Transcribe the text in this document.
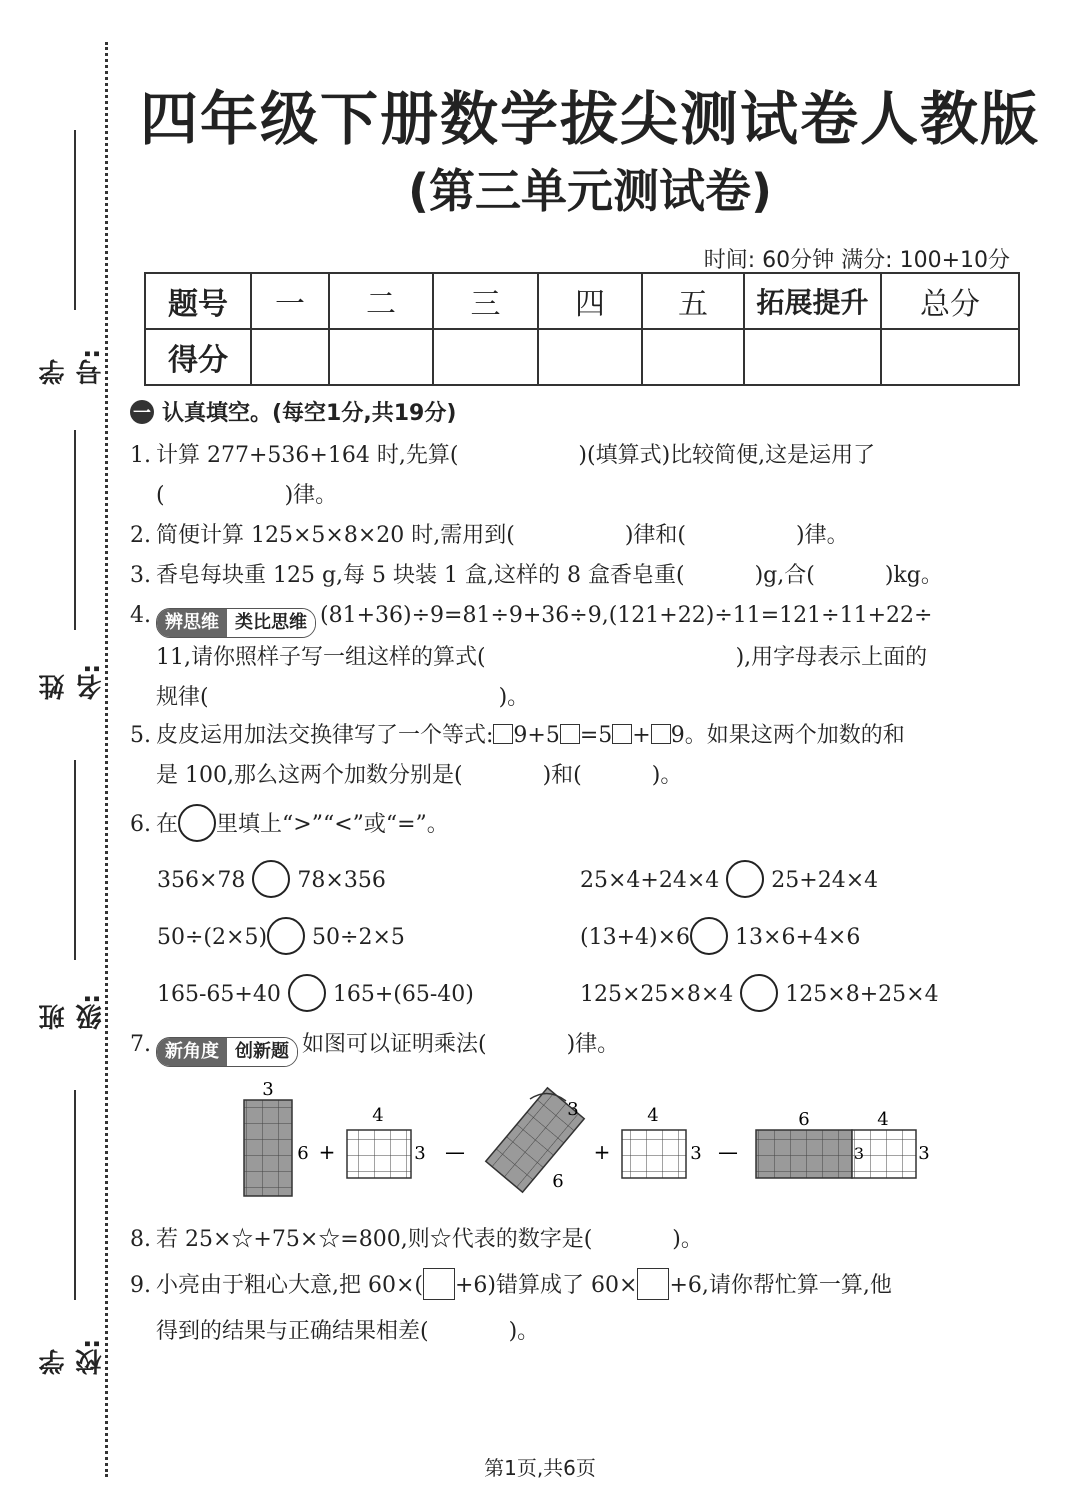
学号:
姓名:
班级:
学校:
四年级下册数学拔尖测试卷人教版
(第三单元测试卷)
时间: 60分钟 满分: 100+10分
题号	一	二	三	四	五	拓展提升	总分
得分							
一 认真填空。(每空1分,共19分)
1. 计算 277+536+164 时,先算(	)(填算式)比较简便,这是运用了
(	)律。
2. 简便计算 125×5×8×20 时,需用到(	)律和(	)律。
3. 香皂每块重 125 g,每 5 块装 1 盒,这样的 8 盒香皂重(	)g,合(	)kg。
4. 辨思维 类比思维 (81+36)÷9=81÷9+36÷9,(121+22)÷11=121÷11+22÷
11,请你照样子写一组这样的算式(	),用字母表示上面的
规律(	)。
5. 皮皮运用加法交换律写了一个等式: 9+5 =5 + 9。如果这两个加数的和
是 100,那么这两个加数分别是(	)和(	)。
6. 在 里填上“>”“<”或“=”。
356×78 78×356	25×4+24×4 25+24×4
50÷(2×5) 50÷2×5	(13+4)×6 13×6+4×6
165-65+40 165+(65-40)	125×25×8×4 125×8+25×4
7. 新角度 创新题 如图可以证明乘法(	)律。
3
6 +
4
3 —
3
6
+
4
3 —
6	4
3	3
8. 若 25×☆+75×☆=800,则☆代表的数字是(	)。
9. 小亮由于粗心大意,把 60×( +6)错算成了 60× +6,请你帮忙算一算,他
得到的结果与正确结果相差(	)。
第1页,共6页
